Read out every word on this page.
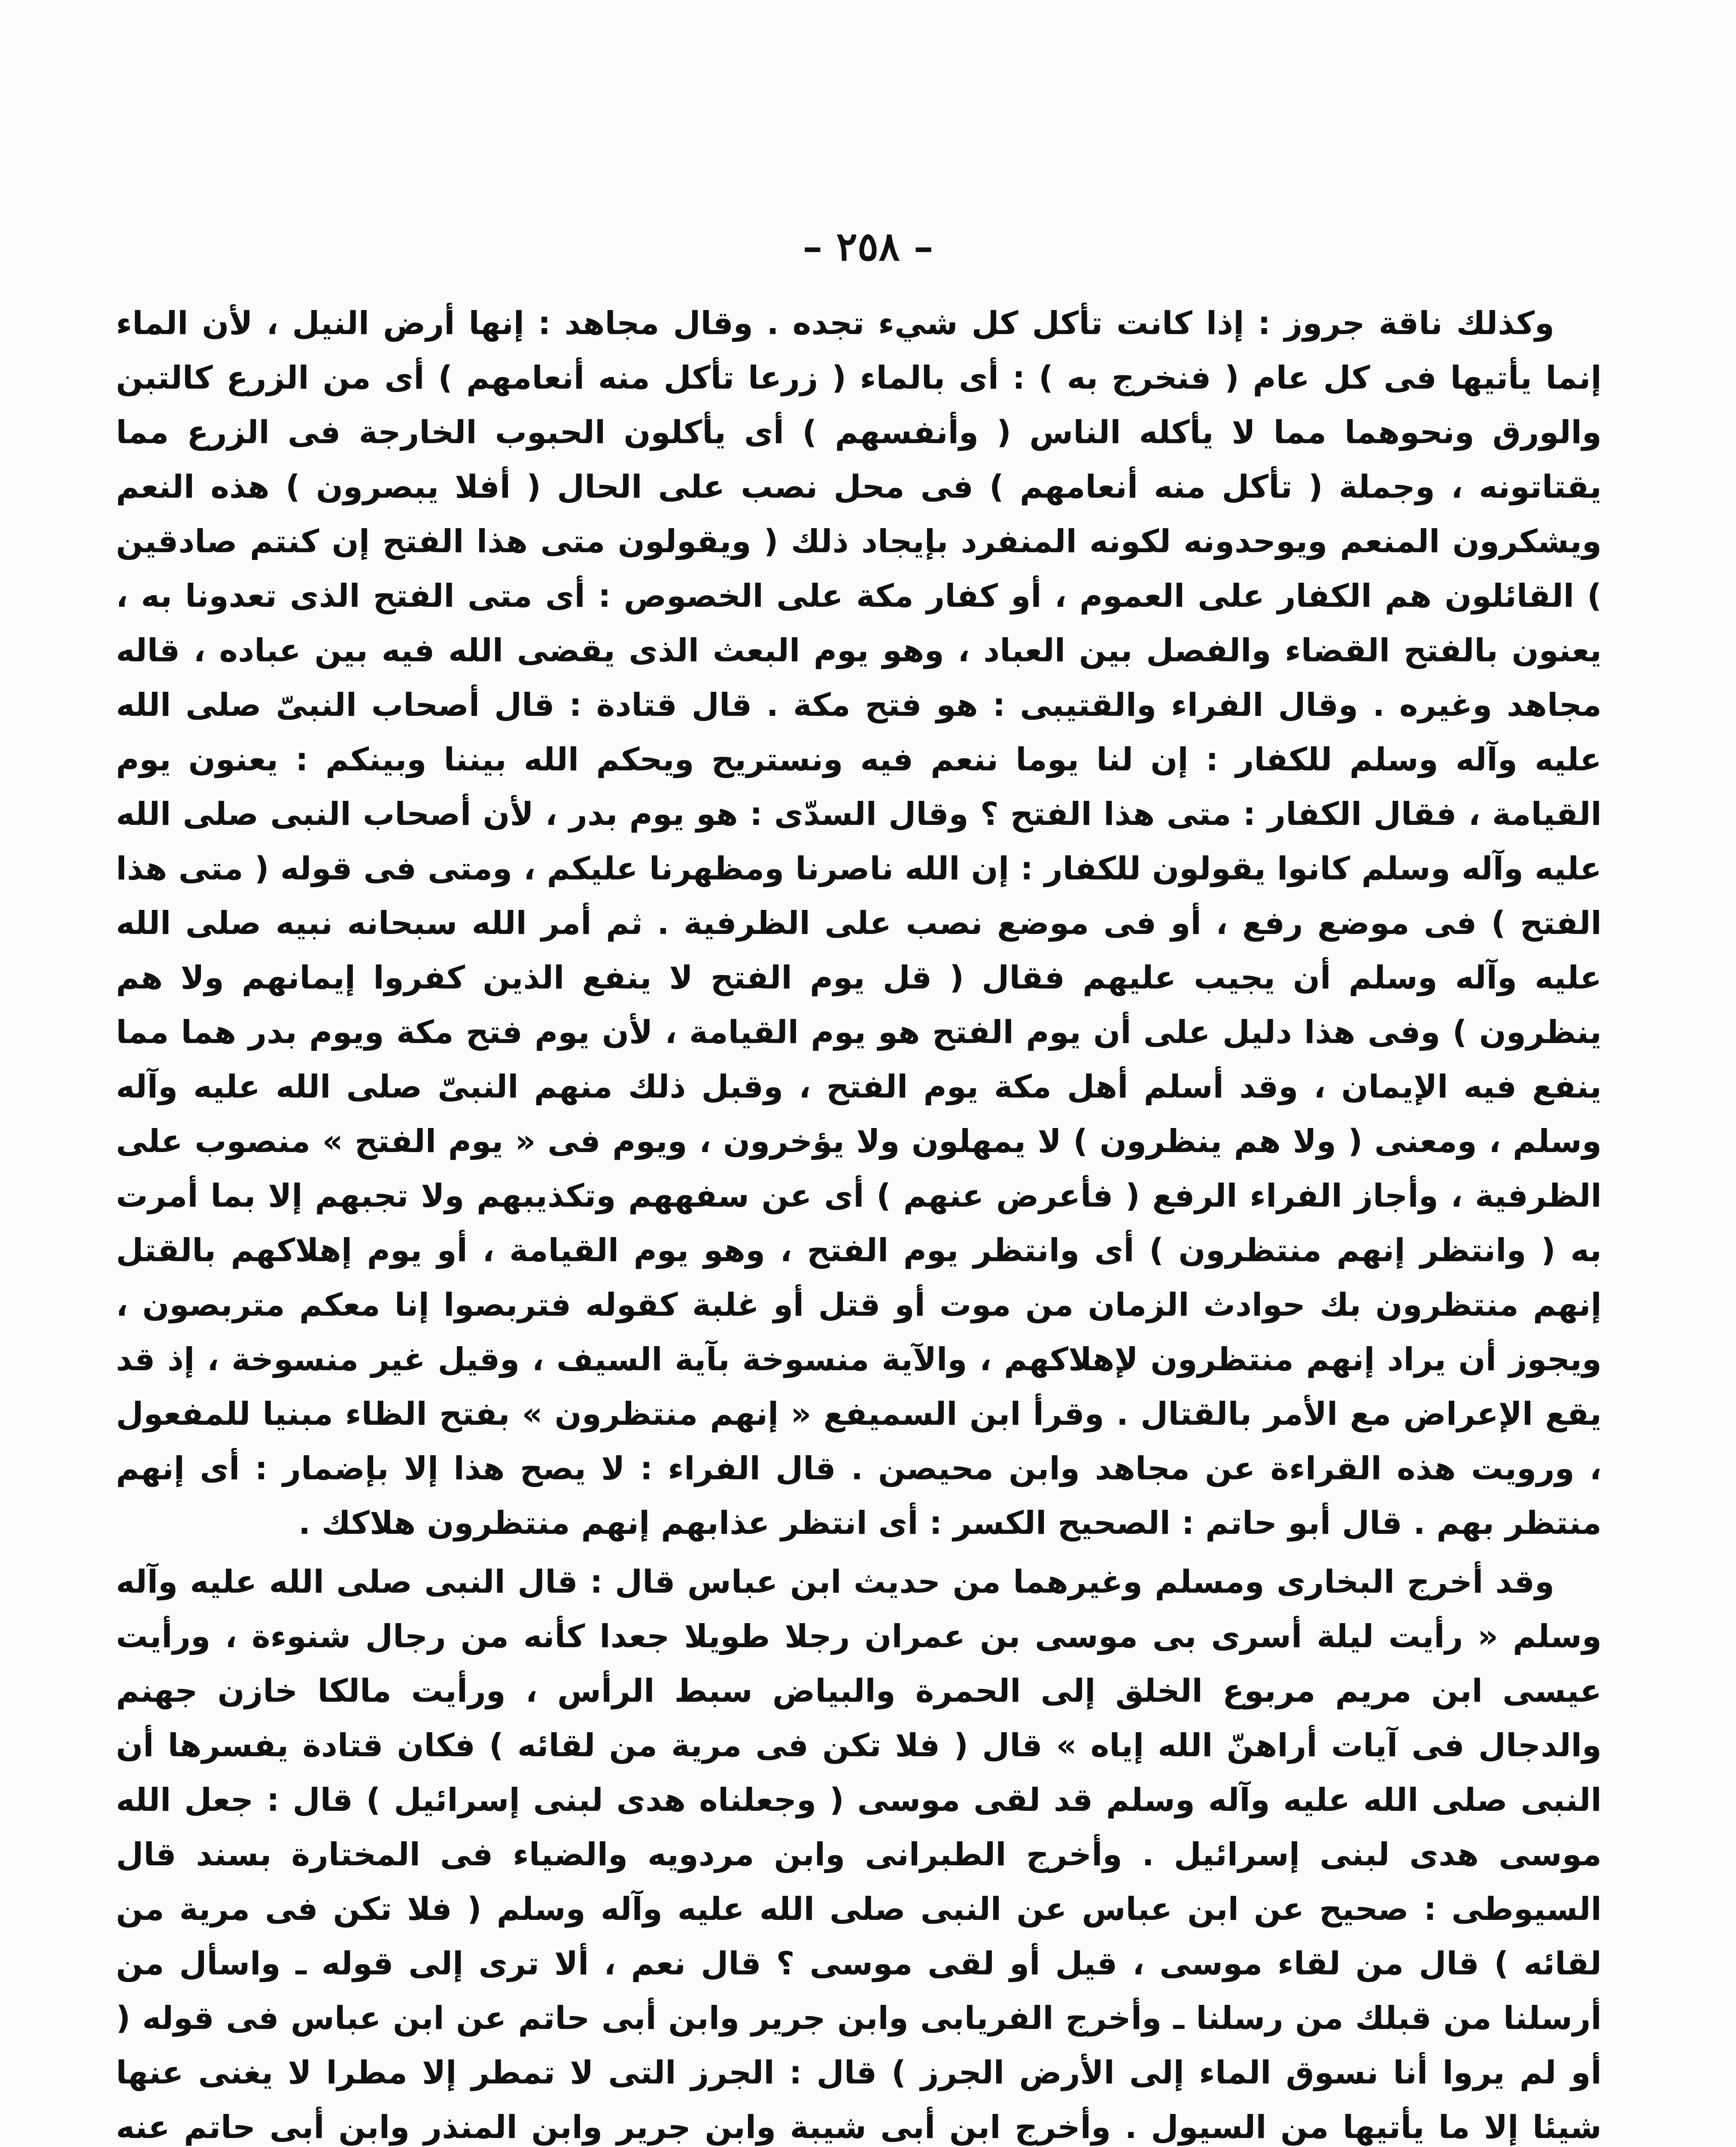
– ٢٥٨ –

وكذلك ناقة جروز : إذا كانت تأكل كل شيء تجده . وقال مجاهد : إنها أرض النيل ، لأن الماء إنما يأتيها فى كل عام ( فنخرج به ) : أى بالماء ( زرعا تأكل منه أنعامهم ) أى من الزرع كالتبن والورق ونحوهما مما لا يأكله الناس ( وأنفسهم ) أى يأكلون الحبوب الخارجة فى الزرع مما يقتاتونه ، وجملة ( تأكل منه أنعامهم ) فى محل نصب على الحال ( أفلا يبصرون ) هذه النعم ويشكرون المنعم ويوحدونه لكونه المنفرد بإيجاد ذلك ( ويقولون متى هذا الفتح إن كنتم صادقين ) القائلون هم الكفار على العموم ، أو كفار مكة على الخصوص : أى متى الفتح الذى تعدونا به ، يعنون بالفتح القضاء والفصل بين العباد ، وهو يوم البعث الذى يقضى الله فيه بين عباده ، قاله مجاهد وغيره . وقال الفراء والقتيبى : هو فتح مكة . قال قتادة : قال أصحاب النبىّ صلى الله عليه وآله وسلم للكفار : إن لنا يوما ننعم فيه ونستريح ويحكم الله بيننا وبينكم : يعنون يوم القيامة ، فقال الكفار : متى هذا الفتح ؟ وقال السدّى : هو يوم بدر ، لأن أصحاب النبى صلى الله عليه وآله وسلم كانوا يقولون للكفار : إن الله ناصرنا ومظهرنا عليكم ، ومتى فى قوله ( متى هذا الفتح ) فى موضع رفع ، أو فى موضع نصب على الظرفية . ثم أمر الله سبحانه نبيه صلى الله عليه وآله وسلم أن يجيب عليهم فقال ( قل يوم الفتح لا ينفع الذين كفروا إيمانهم ولا هم ينظرون ) وفى هذا دليل على أن يوم الفتح هو يوم القيامة ، لأن يوم فتح مكة ويوم بدر هما مما ينفع فيه الإيمان ، وقد أسلم أهل مكة يوم الفتح ، وقبل ذلك منهم النبىّ صلى الله عليه وآله وسلم ، ومعنى ( ولا هم ينظرون ) لا يمهلون ولا يؤخرون ، ويوم فى « يوم الفتح » منصوب على الظرفية ، وأجاز الفراء الرفع ( فأعرض عنهم ) أى عن سفههم وتكذيبهم ولا تجبهم إلا بما أمرت به ( وانتظر إنهم منتظرون ) أى وانتظر يوم الفتح ، وهو يوم القيامة ، أو يوم إهلاكهم بالقتل إنهم منتظرون بك حوادث الزمان من موت أو قتل أو غلبة كقوله فتربصوا إنا معكم متربصون ، ويجوز أن يراد إنهم منتظرون لإهلاكهم ، والآية منسوخة بآية السيف ، وقيل غير منسوخة ، إذ قد يقع الإعراض مع الأمر بالقتال . وقرأ ابن السميفع « إنهم منتظرون » بفتح الظاء مبنيا للمفعول ، ورويت هذه القراءة عن مجاهد وابن محيصن . قال الفراء : لا يصح هذا إلا بإضمار : أى إنهم منتظر بهم . قال أبو حاتم : الصحيح الكسر : أى انتظر عذابهم إنهم منتظرون هلاكك .

وقد أخرج البخارى ومسلم وغيرهما من حديث ابن عباس قال : قال النبى صلى الله عليه وآله وسلم « رأيت ليلة أسرى بى موسى بن عمران رجلا طويلا جعدا كأنه من رجال شنوءة ، ورأيت عيسى ابن مريم مربوع الخلق إلى الحمرة والبياض سبط الرأس ، ورأيت مالكا خازن جهنم والدجال فى آيات أراهنّ الله إياه » قال ( فلا تكن فى مرية من لقائه ) فكان قتادة يفسرها أن النبى صلى الله عليه وآله وسلم قد لقى موسى ( وجعلناه هدى لبنى إسرائيل ) قال : جعل الله موسى هدى لبنى إسرائيل . وأخرج الطبرانى وابن مردويه والضياء فى المختارة بسند قال السيوطى : صحيح عن ابن عباس عن النبى صلى الله عليه وآله وسلم ( فلا تكن فى مرية من لقائه ) قال من لقاء موسى ، قيل أو لقى موسى ؟ قال نعم ، ألا ترى إلى قوله ـ واسأل من أرسلنا من قبلك من رسلنا ـ وأخرج الفريابى وابن جرير وابن أبى حاتم عن ابن عباس فى قوله ( أو لم يروا أنا نسوق الماء إلى الأرض الجرز ) قال : الجرز التى لا تمطر إلا مطرا لا يغنى عنها شيئا إلا ما يأتيها من السيول . وأخرج ابن أبى شيبة وابن جرير وابن المنذر وابن أبى حاتم عنه
